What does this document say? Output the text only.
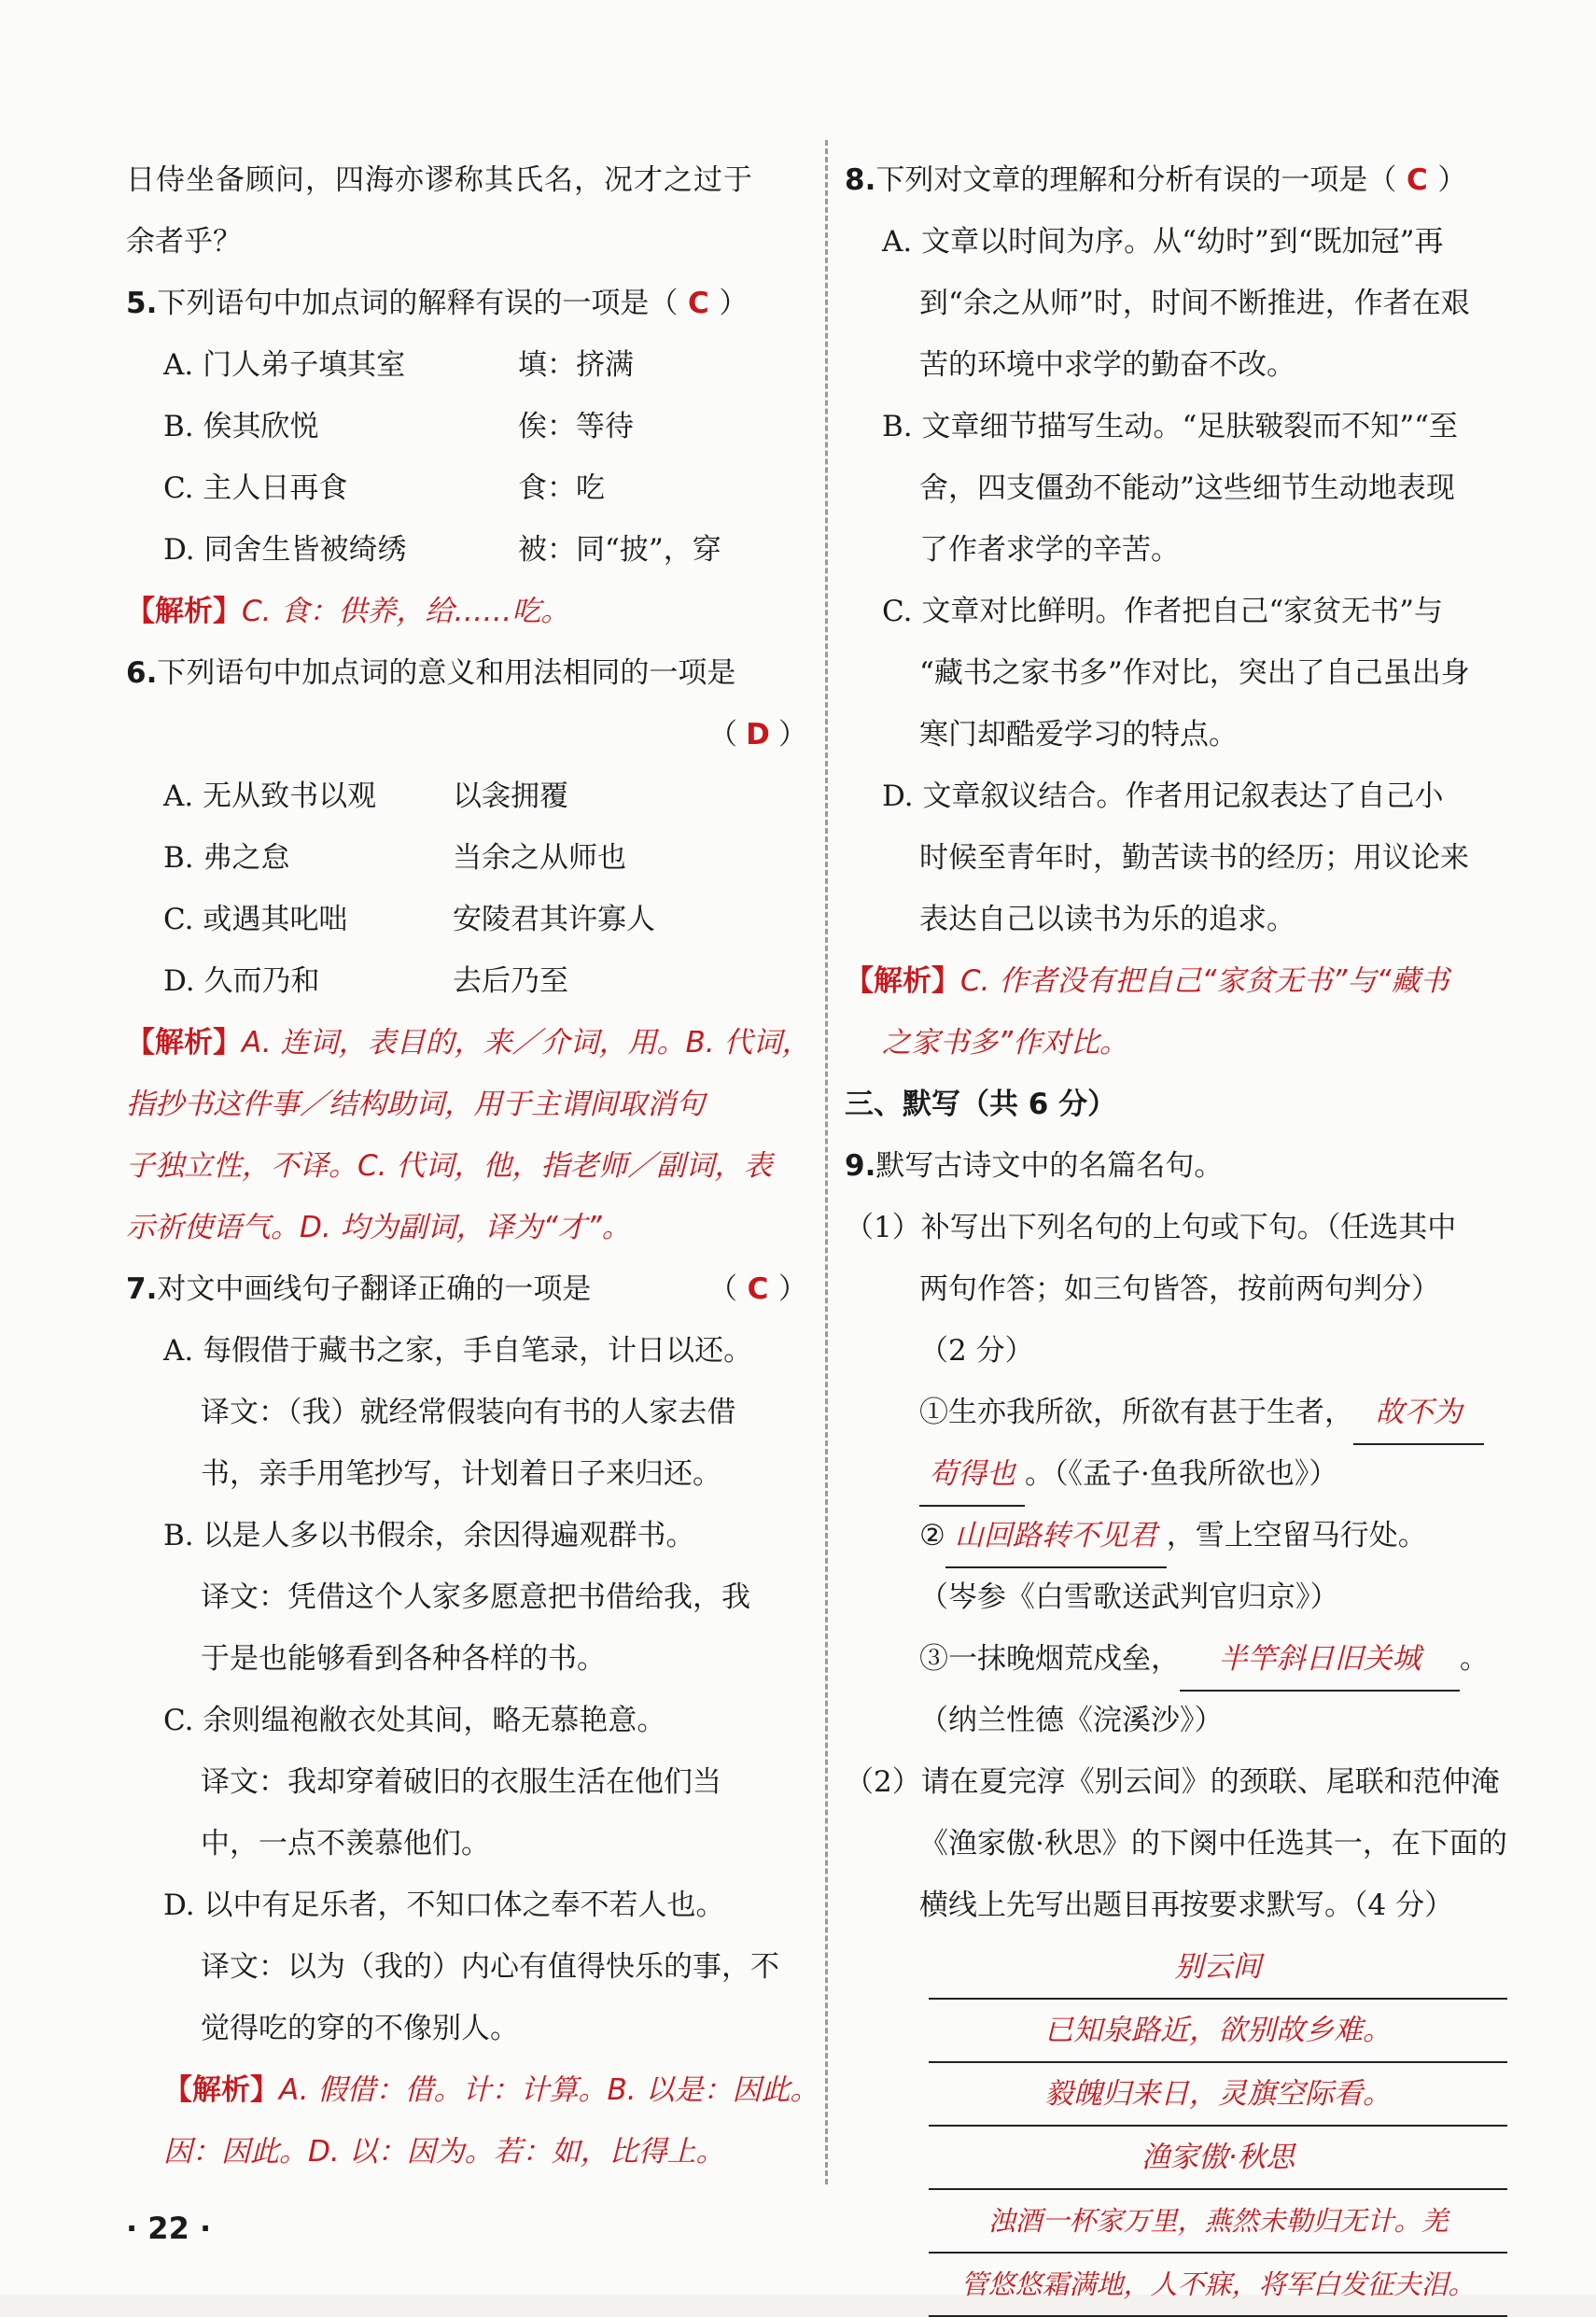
日侍坐备顾问，四海亦谬称其氏名，况才之过于
余者乎？
5.下列语句中加点词的解释有误的一项是（ C ）
A. 门人弟子填其室	填：挤满
B. 俟其欣悦	俟：等待
C. 主人日再食	食：吃
D. 同舍生皆被绮绣	被：同“披”，穿
【解析】C. 食：供养，给……吃。
6.下列语句中加点词的意义和用法相同的一项是
（ D ）
A. 无从致书以观	以衾拥覆
B. 弗之怠	当余之从师也
C. 或遇其叱咄	安陵君其许寡人
D. 久而乃和	去后乃至
【解析】A. 连词，表目的，来／介词，用。B. 代词，
指抄书这件事／结构助词，用于主谓间取消句
子独立性，不译。C. 代词，他，指老师／副词，表
示祈使语气。D. 均为副词，译为“才”。
7.对文中画线句子翻译正确的一项是	（ C ）
A. 每假借于藏书之家，手自笔录，计日以还。
译文：（我）就经常假装向有书的人家去借
书，亲手用笔抄写，计划着日子来归还。
B. 以是人多以书假余，余因得遍观群书。
译文：凭借这个人家多愿意把书借给我，我
于是也能够看到各种各样的书。
C. 余则缊袍敝衣处其间，略无慕艳意。
译文：我却穿着破旧的衣服生活在他们当
中，一点不羡慕他们。
D. 以中有足乐者，不知口体之奉不若人也。
译文：以为（我的）内心有值得快乐的事，不
觉得吃的穿的不像别人。
【解析】A. 假借：借。计：计算。B. 以是：因此。
因：因此。D. 以：因为。若：如，比得上。
8.下列对文章的理解和分析有误的一项是（ C ）
A. 文章以时间为序。从“幼时”到“既加冠”再
到“余之从师”时，时间不断推进，作者在艰
苦的环境中求学的勤奋不改。
B. 文章细节描写生动。“足肤皲裂而不知”“至
舍，四支僵劲不能动”这些细节生动地表现
了作者求学的辛苦。
C. 文章对比鲜明。作者把自己“家贫无书”与
“藏书之家书多”作对比，突出了自己虽出身
寒门却酷爱学习的特点。
D. 文章叙议结合。作者用记叙表达了自己小
时候至青年时，勤苦读书的经历；用议论来
表达自己以读书为乐的追求。
【解析】C. 作者没有把自己“家贫无书”与“藏书
之家书多”作对比。
三、默写（共 6 分）
9.默写古诗文中的名篇名句。
（1）补写出下列名句的上句或下句。（任选其中
两句作答；如三句皆答，按前两句判分）
（2 分）
①生亦我所欲，所欲有甚于生者， 故不为
苟得也 。（《孟子·鱼我所欲也》）
② 山回路转不见君 ，雪上空留马行处。
（岑参《白雪歌送武判官归京》）
③一抹晚烟荒戍垒， 半竿斜日旧关城 。
（纳兰性德《浣溪沙》）
（2）请在夏完淳《别云间》的颈联、尾联和范仲淹
《渔家傲·秋思》的下阕中任选其一，在下面的
横线上先写出题目再按要求默写。（4 分）
别云间
已知泉路近，欲别故乡难。
毅魄归来日，灵旗空际看。
渔家傲·秋思
浊酒一杯家万里，燕然未勒归无计。羌
管悠悠霜满地，人不寐，将军白发征夫泪。
· 22 ·
